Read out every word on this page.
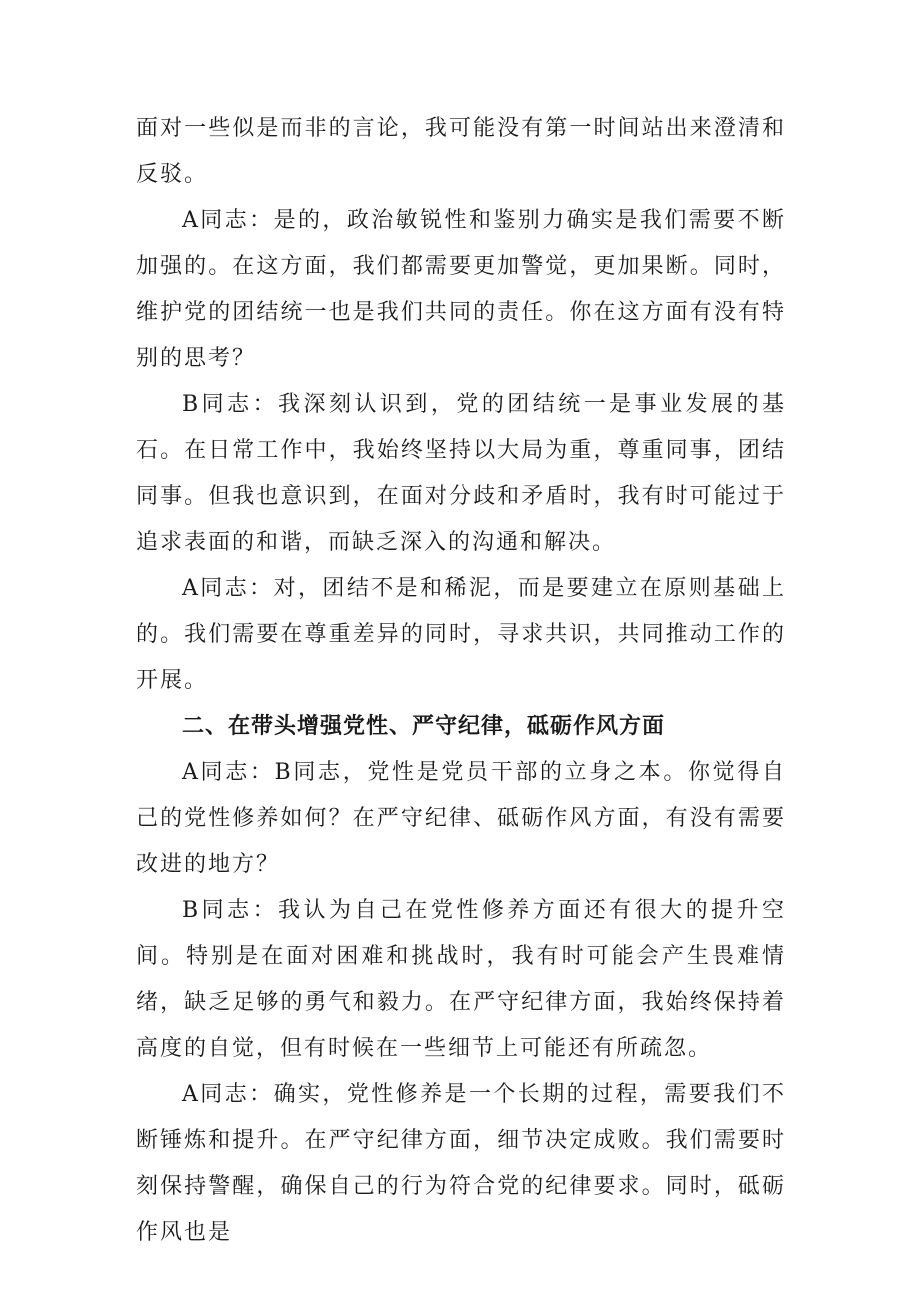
面对一些似是而非的言论，我可能没有第一时间站出来澄清和反驳。

A同志：是的，政治敏锐性和鉴别力确实是我们需要不断加强的。在这方面，我们都需要更加警觉，更加果断。同时，维护党的团结统一也是我们共同的责任。你在这方面有没有特别的思考？

B同志：我深刻认识到，党的团结统一是事业发展的基石。在日常工作中，我始终坚持以大局为重，尊重同事，团结同事。但我也意识到，在面对分歧和矛盾时，我有时可能过于追求表面的和谐，而缺乏深入的沟通和解决。

A同志：对，团结不是和稀泥，而是要建立在原则基础上的。我们需要在尊重差异的同时，寻求共识，共同推动工作的开展。

二、在带头增强党性、严守纪律，砥砺作风方面

A同志：B同志，党性是党员干部的立身之本。你觉得自己的党性修养如何？在严守纪律、砥砺作风方面，有没有需要改进的地方？

B同志：我认为自己在党性修养方面还有很大的提升空间。特别是在面对困难和挑战时，我有时可能会产生畏难情绪，缺乏足够的勇气和毅力。在严守纪律方面，我始终保持着高度的自觉，但有时候在一些细节上可能还有所疏忽。

A同志：确实，党性修养是一个长期的过程，需要我们不断锤炼和提升。在严守纪律方面，细节决定成败。我们需要时刻保持警醒，确保自己的行为符合党的纪律要求。同时，砥砺作风也是
